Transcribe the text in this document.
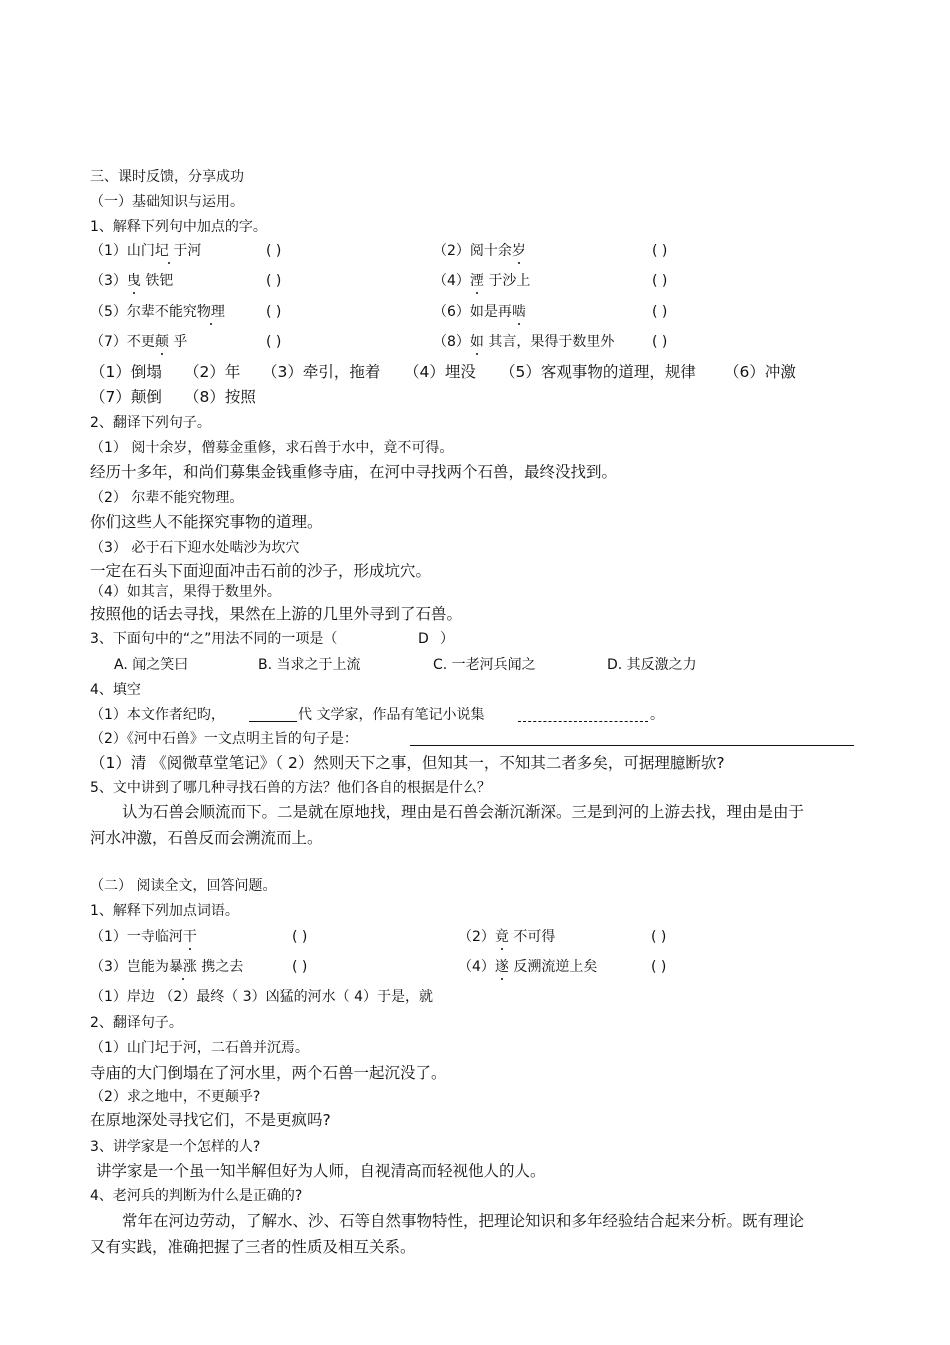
三、课时反馈，分享成功
（一）基础知识与运用。
1、解释下列句中加点的字。
（1）山门圮 于河	( )	（2）阅十余岁	( )
（3）曳 铁钯	( )	（4）湮 于沙上	( )
（5）尔辈不能究物理	( )	（6）如是再啮	( )
（7）不更颠 乎	( )	（8）如 其言，果得于数里外	( )
（1）倒塌 （2）年 （3）牵引，拖着 （4）埋没 （5）客观事物的道理，规律 （6）冲激
（7）颠倒 （8）按照
2、翻译下列句子。
（1） 阅十余岁，僧募金重修，求石兽于水中，竟不可得。
经历十多年，和尚们募集金钱重修寺庙，在河中寻找两个石兽，最终没找到。
（2） 尔辈不能究物理。
你们这些人不能探究事物的道理。
（3） 必于石下迎水处啮沙为坎穴
一定在石头下面迎面冲击石前的沙子，形成坑穴。
（4）如其言，果得于数里外。
按照他的话去寻找，果然在上游的几里外寻到了石兽。
3、下面句中的“之”用法不同的一项是（	D ）
A. 闻之笑曰	B. 当求之于上流	C. 一老河兵闻之	D. 其反激之力
4、填空
（1）本文作者纪昀，	代 文学家，作品有笔记小说集	。
（2）《河中石兽》一文点明主旨的句子是：
（1）清 《阅微草堂笔记》（ 2）然则天下之事，但知其一，不知其二者多矣，可据理臆断欤?
5、文中讲到了哪几种寻找石兽的方法？他们各自的根据是什么？
认为石兽会顺流而下。二是就在原地找，理由是石兽会渐沉渐深。三是到河的上游去找，理由是由于
河水冲激，石兽反而会溯流而上。
（二） 阅读全文，回答问题。
1、解释下列加点词语。
（1）一寺临河干	( )	（2）竟 不可得	( )
（3）岂能为暴涨 携之去	( )	（4）遂 反溯流逆上矣	( )
（1）岸边 （2）最终（ 3）凶猛的河水（ 4）于是，就
2、翻译句子。
（1）山门圮于河，二石兽并沉焉。
寺庙的大门倒塌在了河水里，两个石兽一起沉没了。
（2）求之地中，不更颠乎?
在原地深处寻找它们，不是更疯吗?
3、讲学家是一个怎样的人?
讲学家是一个虽一知半解但好为人师，自视清高而轻视他人的人。
4、老河兵的判断为什么是正确的?
常年在河边劳动，了解水、沙、石等自然事物特性，把理论知识和多年经验结合起来分析。既有理论
又有实践，准确把握了三者的性质及相互关系。
